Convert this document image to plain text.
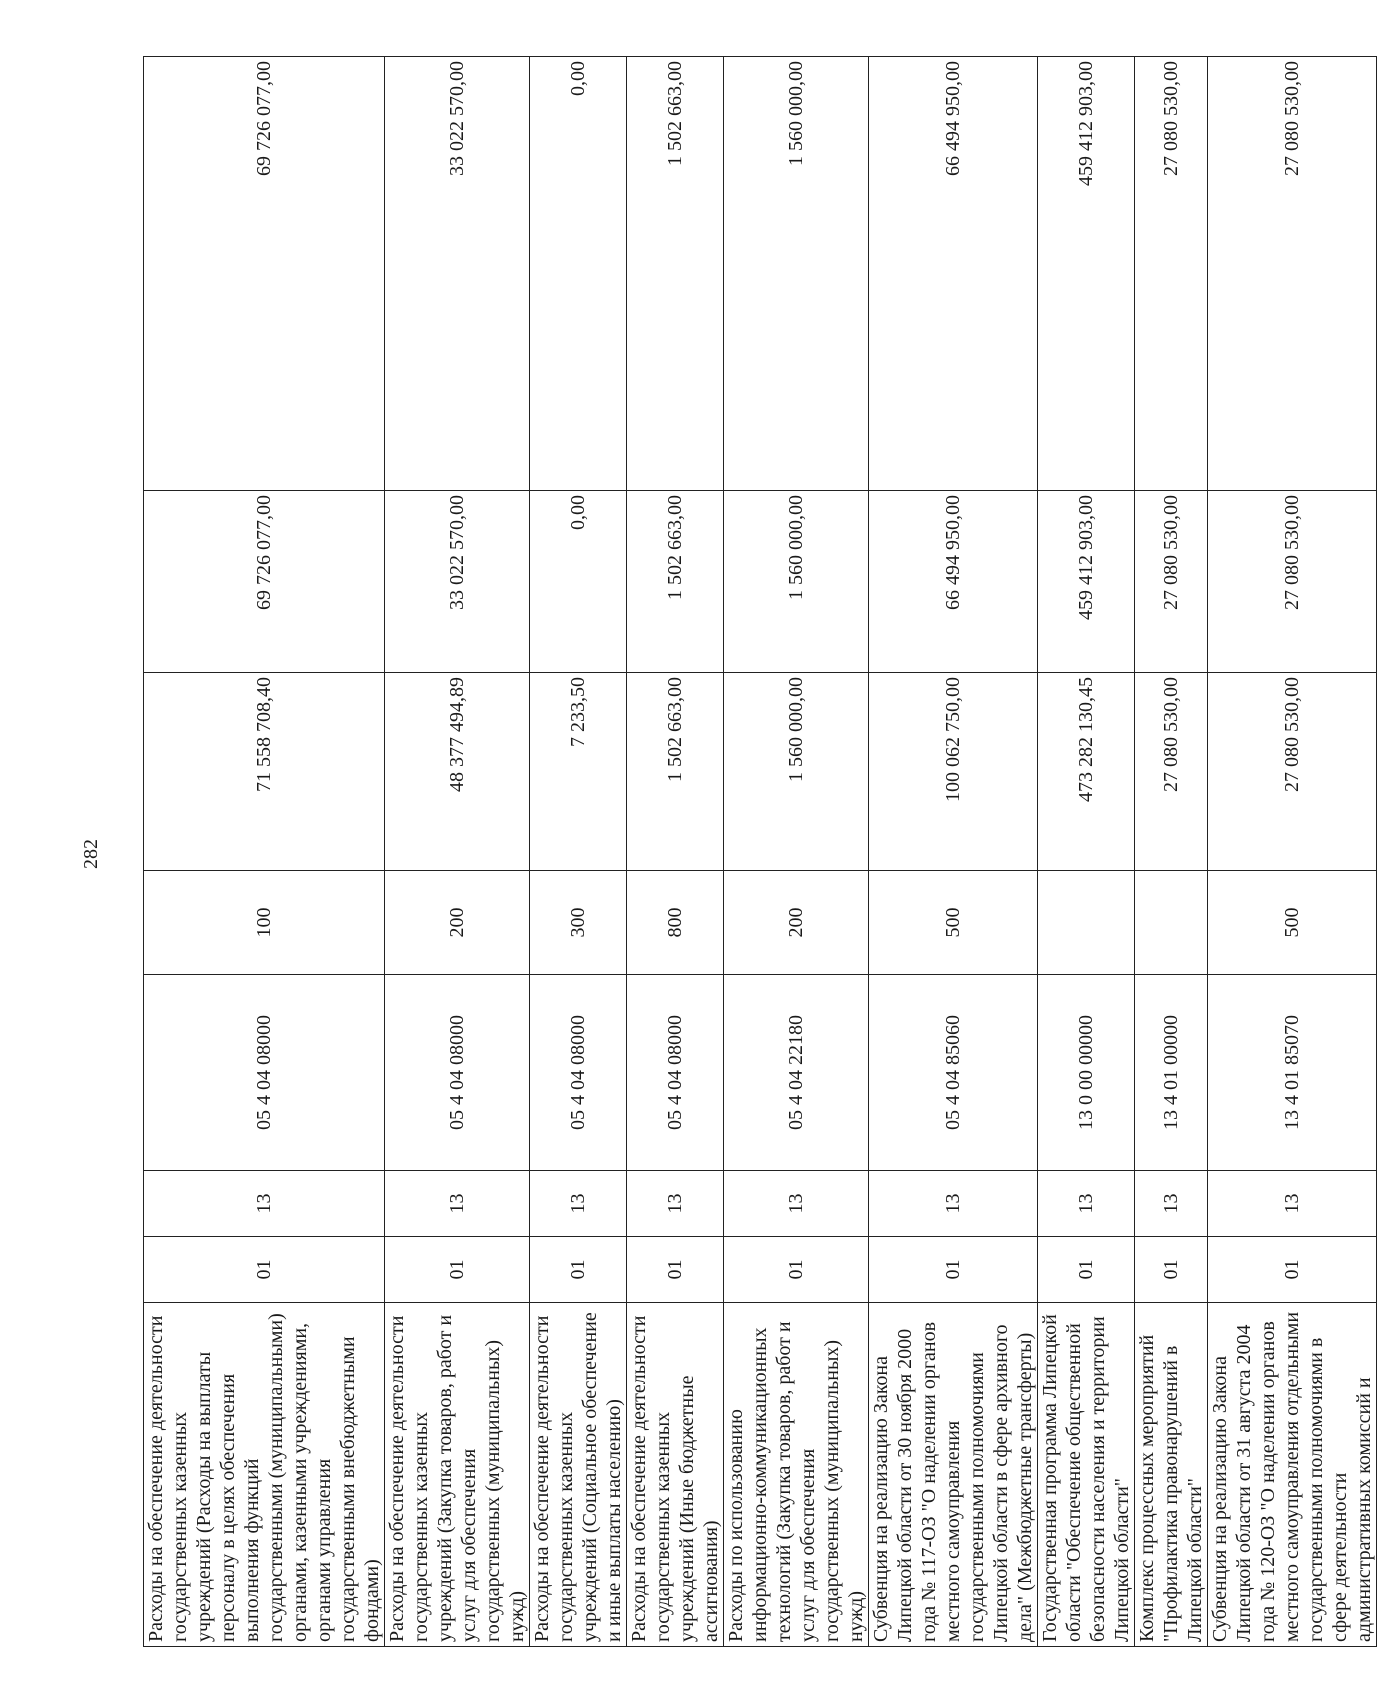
282
Расходы на обеспечение деятельности государственных казенных учреждений (Расходы на выплаты персоналу в целях обеспечения выполнения функций государственными (муниципальными) органами, казенными учреждениями, органами управления государственными внебюджетными фондами)	01	13	05 4 04 08000	100	71 558 708,40	69 726 077,00	69 726 077,00
Расходы на обеспечение деятельности государственных казенных учреждений (Закупка товаров, работ и услуг для обеспечения государственных (муниципальных) нужд)	01	13	05 4 04 08000	200	48 377 494,89	33 022 570,00	33 022 570,00
Расходы на обеспечение деятельности государственных казенных учреждений (Социальное обеспечение и иные выплаты населению)	01	13	05 4 04 08000	300	7 233,50	0,00	0,00
Расходы на обеспечение деятельности государственных казенных учреждений (Иные бюджетные ассигнования)	01	13	05 4 04 08000	800	1 502 663,00	1 502 663,00	1 502 663,00
Расходы по использованию информационно-коммуникационных технологий (Закупка товаров, работ и услуг для обеспечения государственных (муниципальных) нужд)	01	13	05 4 04 22180	200	1 560 000,00	1 560 000,00	1 560 000,00
Субвенция на реализацию Закона Липецкой области от 30 ноября 2000 года № 117-ОЗ "О наделении органов местного самоуправления государственными полномочиями Липецкой области в сфере архивного дела" (Межбюджетные трансферты)	01	13	05 4 04 85060	500	100 062 750,00	66 494 950,00	66 494 950,00
Государственная программа Липецкой области "Обеспечение общественной безопасности населения и территории Липецкой области"	01	13	13 0 00 00000		473 282 130,45	459 412 903,00	459 412 903,00
Комплекс процессных мероприятий "Профилактика правонарушений в Липецкой области"	01	13	13 4 01 00000		27 080 530,00	27 080 530,00	27 080 530,00
Субвенция на реализацию Закона Липецкой области от 31 августа 2004 года № 120-ОЗ "О наделении органов местного самоуправления отдельными государственными полномочиями в сфере деятельности административных комиссий и	01	13	13 4 01 85070	500	27 080 530,00	27 080 530,00	27 080 530,00
